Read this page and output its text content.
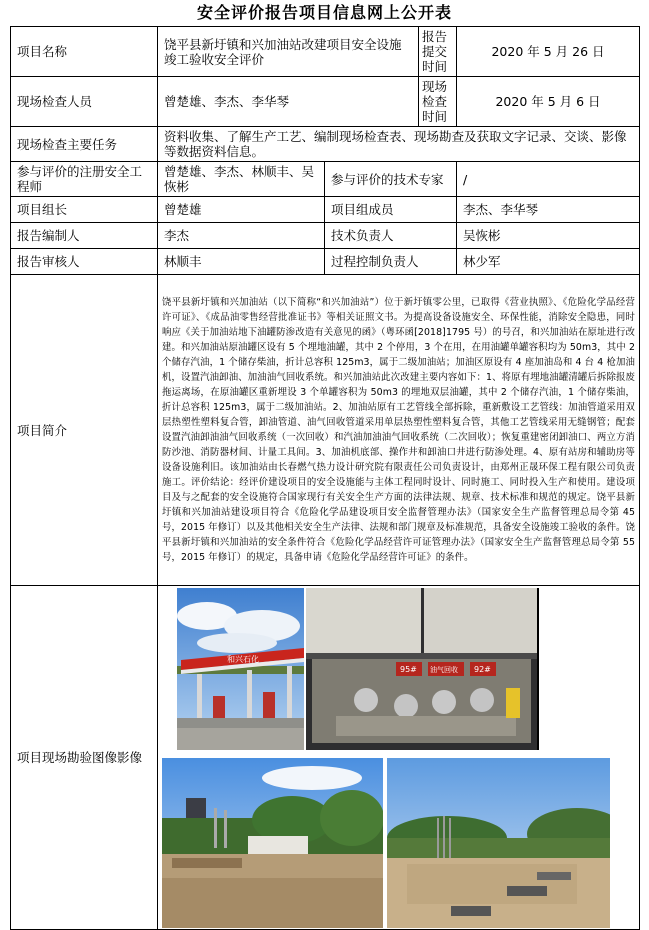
安全评价报告项目信息网上公开表
项目名称	饶平县新圩镇和兴加油站改建项目安全设施竣工验收安全评价		报告提交时间	2020 年 5 月 26 日
现场检查人员	曾楚雄、李杰、李华琴		现场检查时间	2020 年 5 月 6 日
现场检查主要任务	资料收集、了解生产工艺、编制现场检查表、现场勘查及获取文字记录、交谈、影像等数据资料信息。			
参与评价的注册安全工程师	曾楚雄、李杰、林顺丰、吴恢彬	参与评价的技术专家		/
项目组长	曾楚雄	项目组成员		李杰、李华琴
报告编制人	李杰	技术负责人		吴恢彬
报告审核人	林顺丰	过程控制负责人		林少军
项目简介	饶平县新圩镇和兴加油站（以下简称“和兴加油站”）位于新圩镇零公里，已取得《营业执照》、《危险化学品经营许可证》、《成品油零售经营批准证书》等相关证照文书。为提高设备设施安全、环保性能，消除安全隐患，同时响应《关于加油站地下油罐防渗改造有关意见的函》（粤环函[2018]1795 号）的号召，和兴加油站在原址进行改建。和兴加油站原油罐区设有 5 个埋地油罐，其中 2 个停用，3 个在用，在用油罐单罐容积均为 50m3，其中 2 个储存汽油，1 个储存柴油，折计总容积 125m3，属于二级加油站；加油区原设有 4 座加油岛和 4 台 4 枪加油机，设置汽油卸油、加油油气回收系统。和兴加油站此次改建主要内容如下：1、将原有埋地油罐清罐后拆除报废拖运离场，在原油罐区重新埋设 3 个单罐容积为 50m3 的埋地双层油罐，其中 2 个储存汽油，1 个储存柴油，折计总容积 125m3，属于二级加油站。2、加油站原有工艺管线全部拆除，重新敷设工艺管线：加油管道采用双层热塑性塑料复合管，卸油管道、油气回收管道采用单层热塑性塑料复合管，其他工艺管线采用无缝钢管；配套设置汽油卸油油气回收系统（一次回收）和汽油加油油气回收系统（二次回收）；恢复重建密闭卸油口、两立方消防沙池、消防器材间、计量工具间。3、加油机底部、操作井和卸油口井进行防渗处理。4、原有站房和辅助房等设备设施利旧。该加油站由长春燃气热力设计研究院有限责任公司负责设计，由郑州正晟环保工程有限公司负责施工。评价结论：经评价建设项目的安全设施能与主体工程同时设计、同时施工、同时投入生产和使用。建设项目及与之配套的安全设施符合国家现行有关安全生产方面的法律法规、规章、技术标准和规范的规定。饶平县新圩镇和兴加油站建设项目符合《危险化学品建设项目安全监督管理办法》（国家安全生产监督管理总局令第 45 号，2015 年修订）以及其他相关安全生产法律、法规和部门规章及标准规范，具备安全设施竣工验收的条件。饶平县新圩镇和兴加油站的安全条件符合《危险化学品经营许可证管理办法》（国家安全生产监督管理总局令第 55 号，2015 年修订）的规定，具备申请《危险化学品经营许可证》的条件。			
项目现场勘验图像影像	和兴石化
95# 油气回收 92#			
